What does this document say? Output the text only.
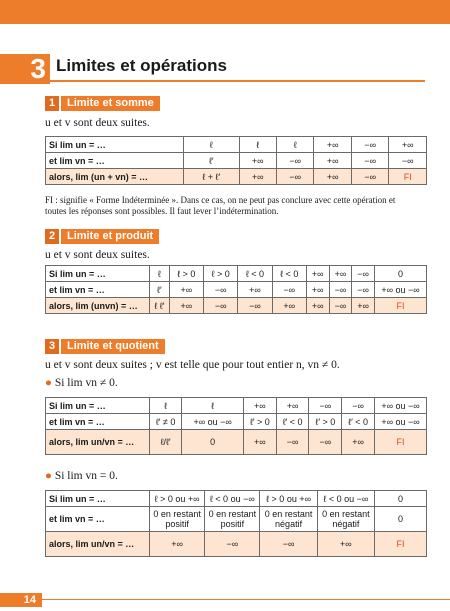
3 Limites et opérations
1 Limite et somme
u et v sont deux suites.
Si lim un = …	ℓ	ℓ	ℓ	+∞	−∞	+∞
et lim vn = …	ℓ′	+∞	−∞	+∞	−∞	−∞
alors, lim (un + vn) = …	ℓ + ℓ′	+∞	−∞	+∞	−∞	FI
FI : signifie « Forme Indéterminée ». Dans ce cas, on ne peut pas conclure avec cette opération et toutes les réponses sont possibles. Il faut lever l’indétermination.
2 Limite et produit
u et v sont deux suites.
Si lim un = …	ℓ	ℓ > 0	ℓ > 0	ℓ < 0	ℓ < 0	+∞	+∞	−∞	0
et lim vn = …	ℓ′	+∞	−∞	+∞	−∞	+∞	−∞	−∞	+∞ ou −∞
alors, lim (unvn) = …	ℓ ℓ′	+∞	−∞	−∞	+∞	+∞	−∞	+∞	FI
3 Limite et quotient
u et v sont deux suites ; v est telle que pour tout entier n, vn ≠ 0.
● Si lim vn ≠ 0.
Si lim un = …	ℓ	ℓ	+∞	+∞	−∞	−∞	+∞ ou −∞
et lim vn = …	ℓ′ ≠ 0	+∞ ou −∞	ℓ′ > 0	ℓ′ < 0	ℓ′ > 0	ℓ′ < 0	+∞ ou −∞
alors, lim un/vn = …	ℓ/ℓ′	0	+∞	−∞	−∞	+∞	FI
● Si lim vn = 0.
Si lim un = …	ℓ > 0 ou +∞	ℓ < 0 ou −∞	ℓ > 0 ou +∞	ℓ < 0 ou −∞	0
et lim vn = …	0 en restant positif	0 en restant positif	0 en restant négatif	0 en restant négatif	0
alors, lim un/vn = …	+∞	−∞	−∞	+∞	FI
14
